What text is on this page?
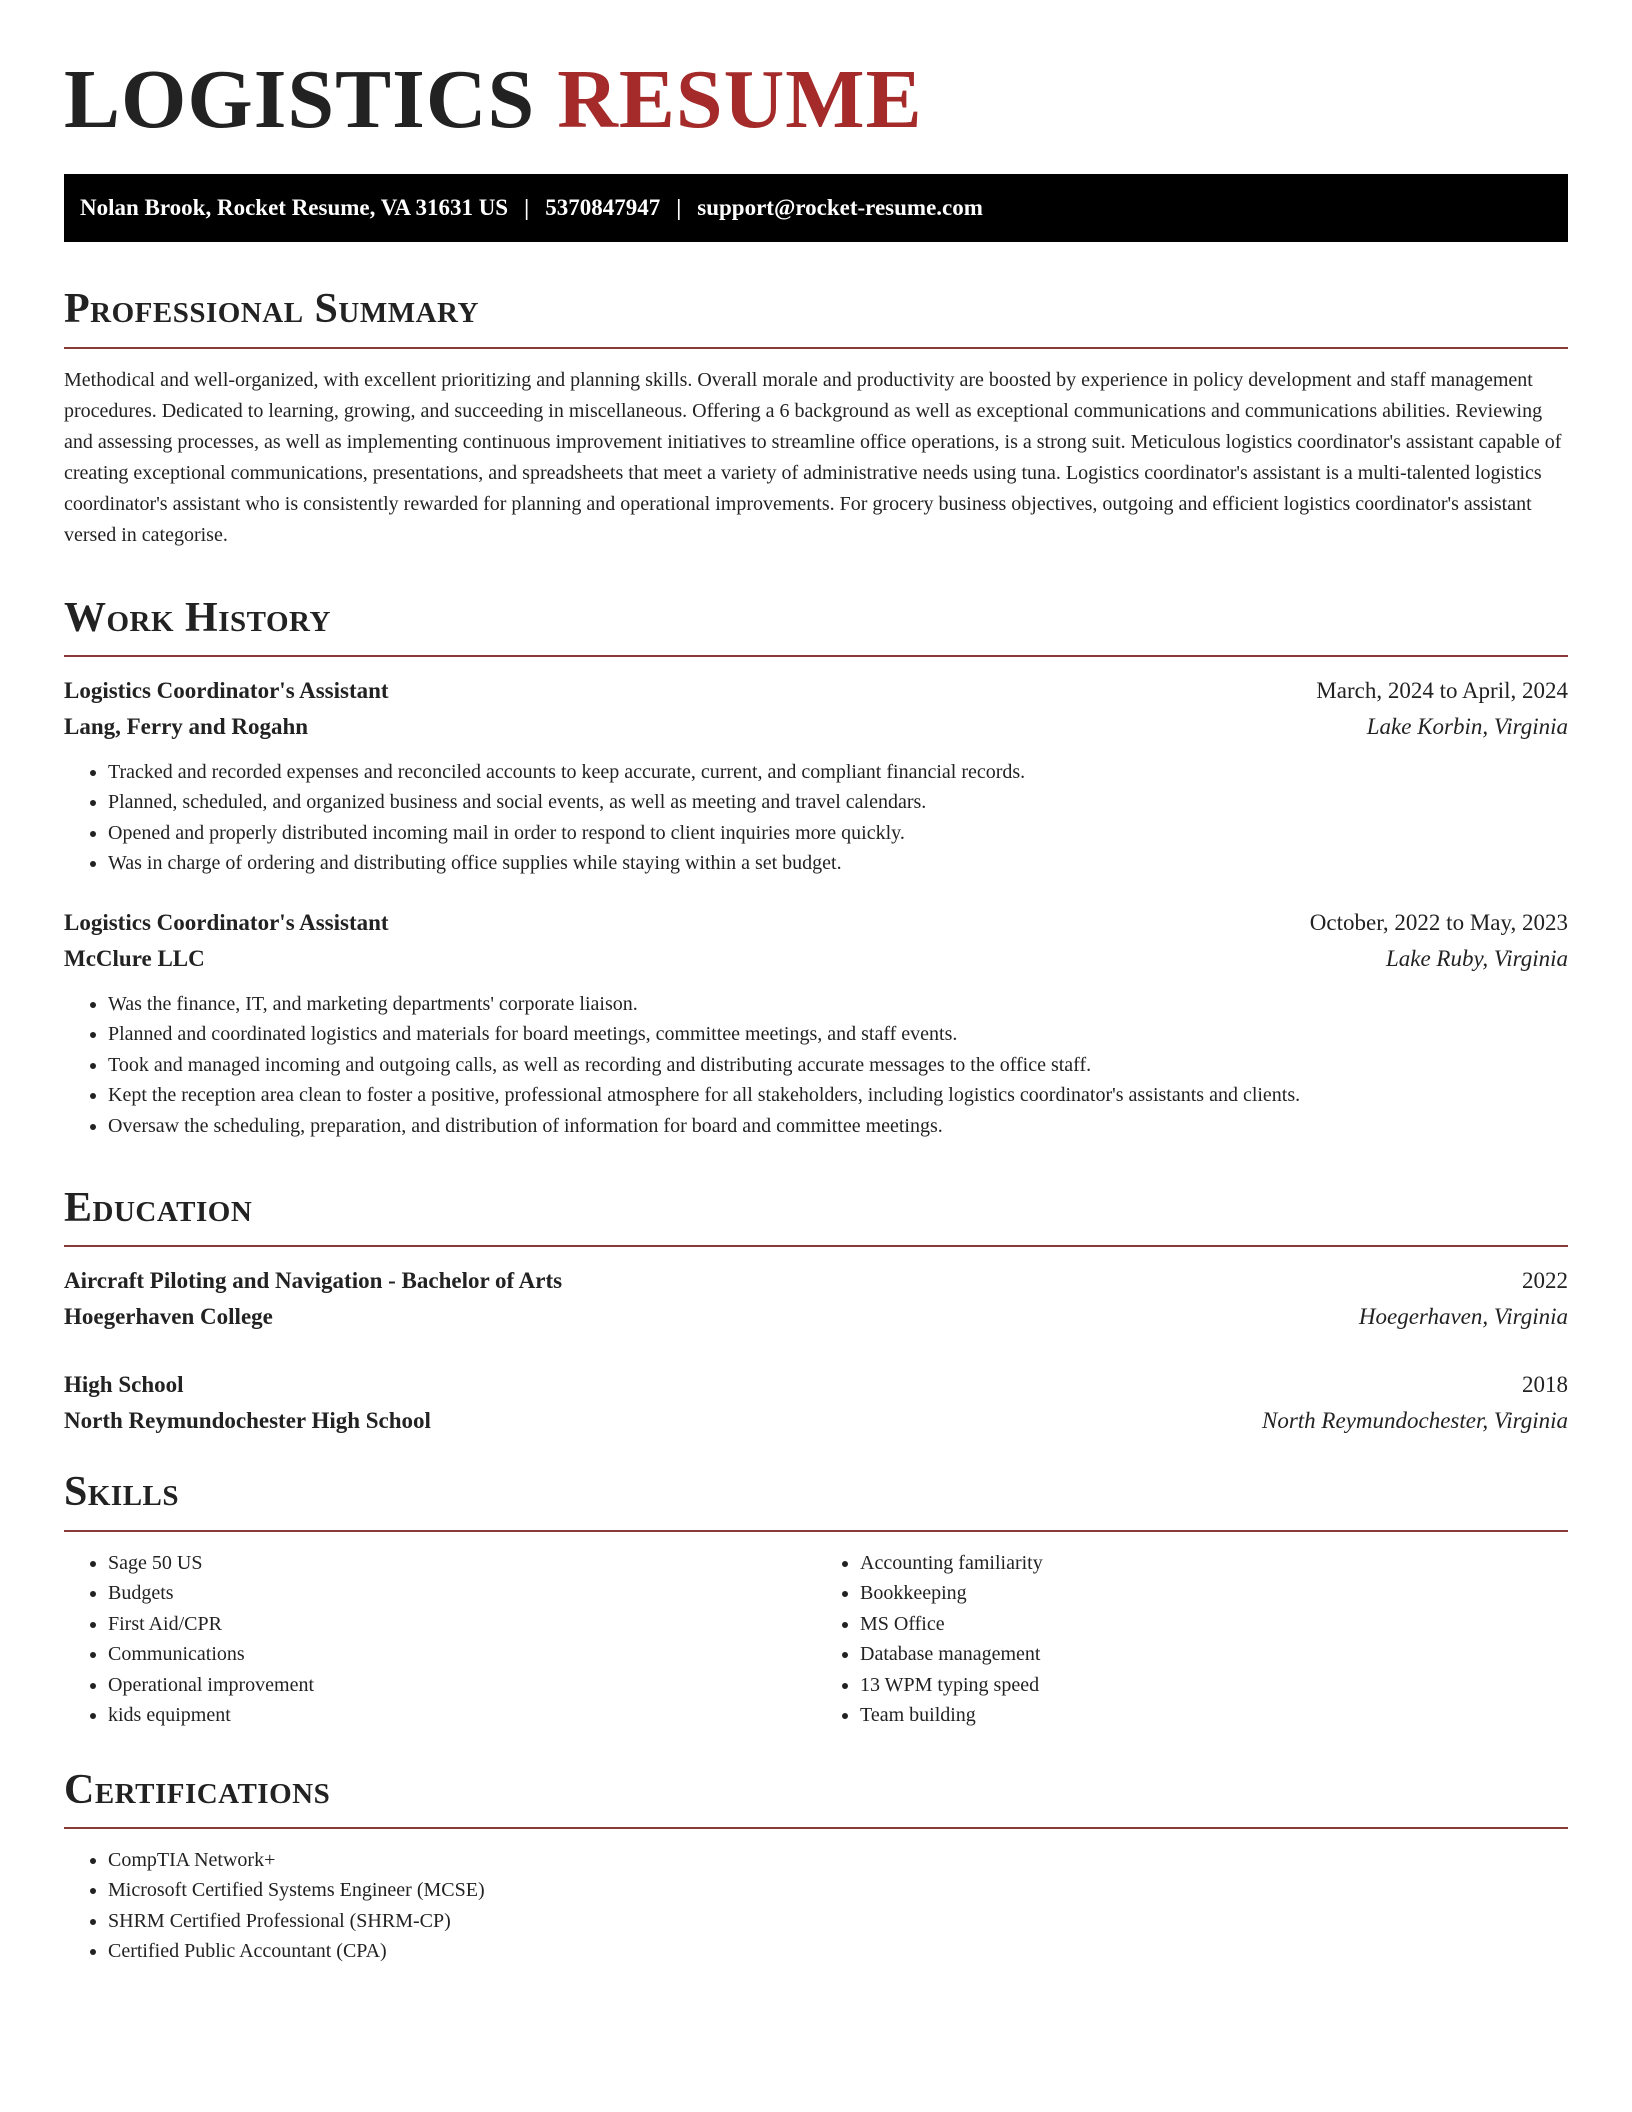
LOGISTICS RESUME
Nolan Brook, Rocket Resume, VA 31631 US | 5370847947 | support@rocket-resume.com
Professional Summary

Methodical and well-organized, with excellent prioritizing and planning skills. Overall morale and productivity are boosted by experience in policy development and staff management procedures. Dedicated to learning, growing, and succeeding in miscellaneous. Offering a 6 background as well as exceptional communications and communications abilities. Reviewing and assessing processes, as well as implementing continuous improvement initiatives to streamline office operations, is a strong suit. Meticulous logistics coordinator's assistant capable of creating exceptional communications, presentations, and spreadsheets that meet a variety of administrative needs using tuna. Logistics coordinator's assistant is a multi-talented logistics coordinator's assistant who is consistently rewarded for planning and operational improvements. For grocery business objectives, outgoing and efficient logistics coordinator's assistant versed in categorise.

Work History
Logistics Coordinator's Assistant	March, 2024 to April, 2024
Lang, Ferry and Rogahn	Lake Korbin, Virginia
• Tracked and recorded expenses and reconciled accounts to keep accurate, current, and compliant financial records.
• Planned, scheduled, and organized business and social events, as well as meeting and travel calendars.
• Opened and properly distributed incoming mail in order to respond to client inquiries more quickly.
• Was in charge of ordering and distributing office supplies while staying within a set budget.
Logistics Coordinator's Assistant	October, 2022 to May, 2023
McClure LLC	Lake Ruby, Virginia
• Was the finance, IT, and marketing departments' corporate liaison.
• Planned and coordinated logistics and materials for board meetings, committee meetings, and staff events.
• Took and managed incoming and outgoing calls, as well as recording and distributing accurate messages to the office staff.
• Kept the reception area clean to foster a positive, professional atmosphere for all stakeholders, including logistics coordinator's assistants and clients.
• Oversaw the scheduling, preparation, and distribution of information for board and committee meetings.
Education
Aircraft Piloting and Navigation - Bachelor of Arts	2022
Hoegerhaven College	Hoegerhaven, Virginia
High School	2018
North Reymundochester High School	North Reymundochester, Virginia
Skills
• Sage 50 US
• Budgets
• First Aid/CPR
• Communications
• Operational improvement
• kids equipment
• Accounting familiarity
• Bookkeeping
• MS Office
• Database management
• 13 WPM typing speed
• Team building
Certifications
• CompTIA Network+
• Microsoft Certified Systems Engineer (MCSE)
• SHRM Certified Professional (SHRM-CP)
• Certified Public Accountant (CPA)
